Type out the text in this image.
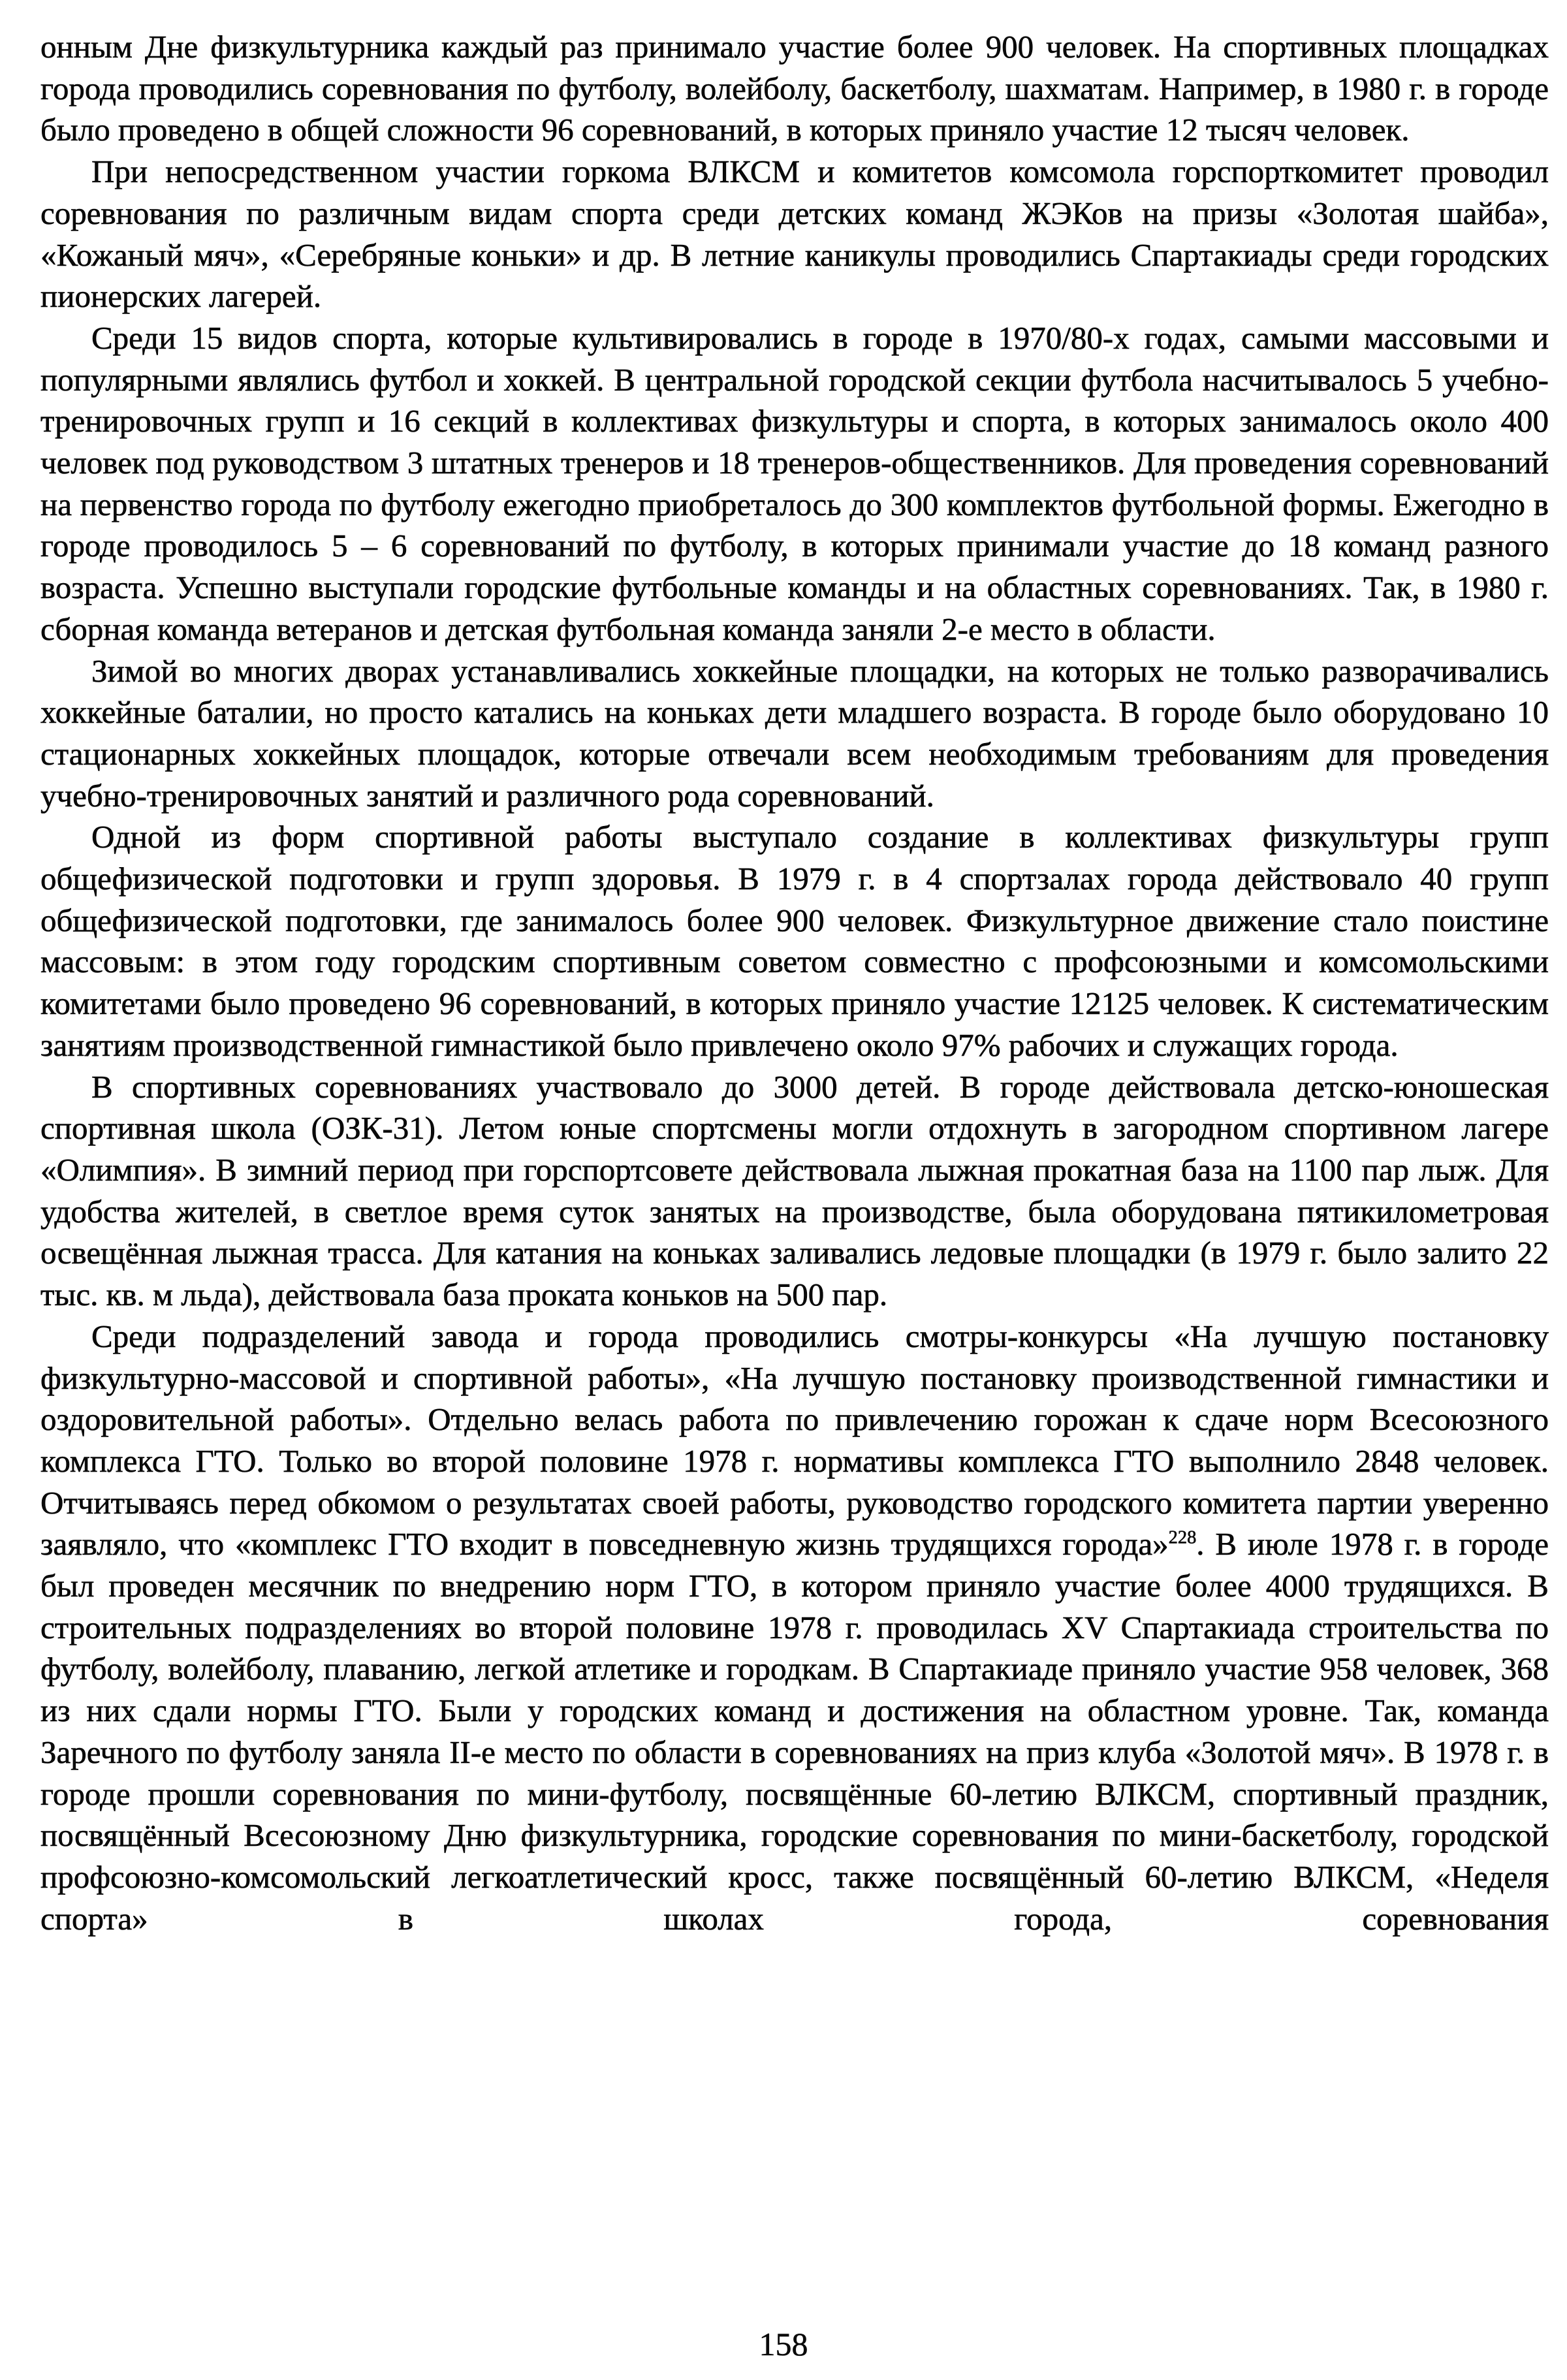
онным Дне физкультурника каждый раз принимало участие более 900 человек. На спортивных площадках города проводились соревнования по футболу, волейболу, баскетболу, шахматам. Например, в 1980 г. в городе было проведено в общей сложности 96 соревнований, в которых приняло участие 12 тысяч человек.

При непосредственном участии горкома ВЛКСМ и комитетов комсомола горспорткомитет проводил соревнования по различным видам спорта среди детских команд ЖЭКов на призы «Золотая шайба», «Кожаный мяч», «Серебряные коньки» и др. В летние каникулы проводились Спартакиады среди городских пионерских лагерей.

Среди 15 видов спорта, которые культивировались в городе в 1970/80-х годах, самыми массовыми и популярными являлись футбол и хоккей. В центральной городской секции футбола насчитывалось 5 учебно-тренировочных групп и 16 секций в коллективах физкультуры и спорта, в которых занималось около 400 человек под руководством 3 штатных тренеров и 18 тренеров-общественников. Для проведения соревнований на первенство города по футболу ежегодно приобреталось до 300 комплектов футбольной формы. Ежегодно в городе проводилось 5 – 6 соревнований по футболу, в которых принимали участие до 18 команд разного возраста. Успешно выступали городские футбольные команды и на областных соревнованиях. Так, в 1980 г. сборная команда ветеранов и детская футбольная команда заняли 2-е место в области.

Зимой во многих дворах устанавливались хоккейные площадки, на которых не только разворачивались хоккейные баталии, но просто катались на коньках дети младшего возраста. В городе было оборудовано 10 стационарных хоккейных площадок, которые отвечали всем необходимым требованиям для проведения учебно-тренировочных занятий и различного рода соревнований.

Одной из форм спортивной работы выступало создание в коллективах физкультуры групп общефизической подготовки и групп здоровья. В 1979 г. в 4 спортзалах города действовало 40 групп общефизической подготовки, где занималось более 900 человек. Физкультурное движение стало поистине массовым: в этом году городским спортивным советом совместно с профсоюзными и комсомольскими комитетами было проведено 96 соревнований, в которых приняло участие 12125 человек. К систематическим занятиям производственной гимнастикой было привлечено около 97% рабочих и служащих города.

В спортивных соревнованиях участвовало до 3000 детей. В городе действовала детско-юношеская спортивная школа (ОЗК-31). Летом юные спортсмены могли отдохнуть в загородном спортивном лагере «Олимпия». В зимний период при горспортсовете действовала лыжная прокатная база на 1100 пар лыж. Для удобства жителей, в светлое время суток занятых на производстве, была оборудована пятикилометровая освещённая лыжная трасса. Для катания на коньках заливались ледовые площадки (в 1979 г. было залито 22 тыс. кв. м льда), действовала база проката коньков на 500 пар.

Среди подразделений завода и города проводились смотры-конкурсы «На лучшую постановку физкультурно-массовой и спортивной работы», «На лучшую постановку производственной гимнастики и оздоровительной работы». Отдельно велась работа по привлечению горожан к сдаче норм Всесоюзного комплекса ГТО. Только во второй половине 1978 г. нормативы комплекса ГТО выполнило 2848 человек. Отчитываясь перед обкомом о результатах своей работы, руководство городского комитета партии уверенно заявляло, что «комплекс ГТО входит в повседневную жизнь трудящихся города»$^{228}$. В июле 1978 г. в городе был проведен месячник по внедрению норм ГТО, в котором приняло участие более 4000 трудящихся. В строительных подразделениях во второй половине 1978 г. проводилась XV Спартакиада строительства по футболу, волейболу, плаванию, легкой атлетике и городкам. В Спартакиаде приняло участие 958 человек, 368 из них сдали нормы ГТО. Были у городских команд и достижения на областном уровне. Так, команда Заречного по футболу заняла II-е место по области в соревнованиях на приз клуба «Золотой мяч». В 1978 г. в городе прошли соревнования по мини-футболу, посвящённые 60-летию ВЛКСМ, спортивный праздник, посвящённый Всесоюзному Дню физкультурника, городские соревнования по мини-баскетболу, городской профсоюзно-комсомольский легкоатлетический кросс, также посвящённый 60-летию ВЛКСМ, «Неделя спорта» в школах города, соревнования

158
